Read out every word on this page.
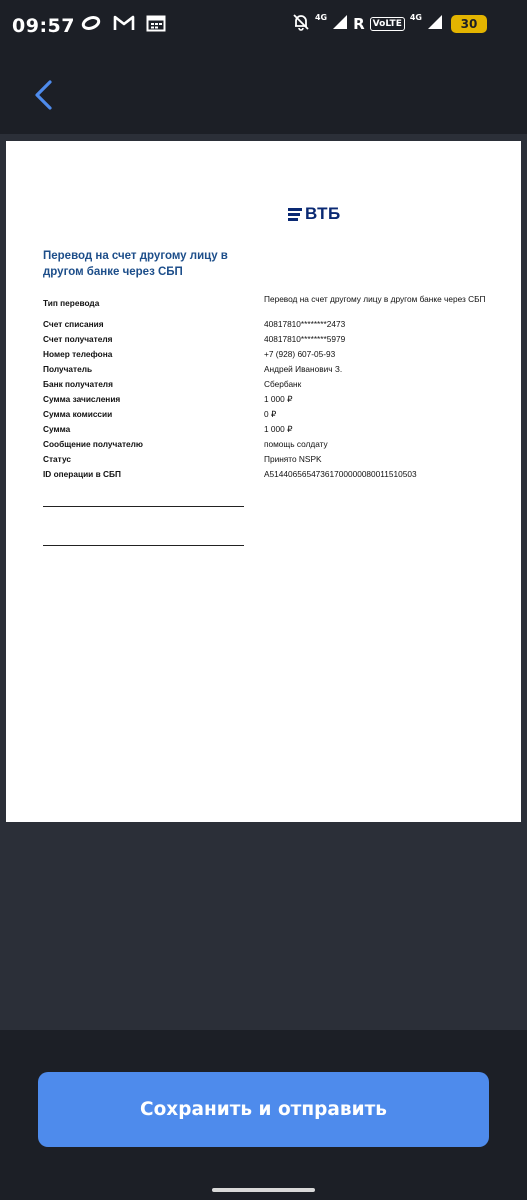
09:57	4G R VoLTE
4G	30
ВТБ
Перевод на счет другому лицу в другом банке через СБП
Тип перевода	Перевод на счет другому лицу в другом банке через СБП
Счет списания	40817810********2473
Счет получателя	40817810********5979
Номер телефона	+7 (928) 607-05-93
Получатель	Андрей Иванович З.
Банк получателя	Сбербанк
Сумма зачисления	1 000 ₽
Сумма комиссии	0 ₽
Сумма	1 000 ₽
Сообщение получателю	помощь солдату
Статус	Принято NSPK
ID операции в СБП	A51440656547361700000080011510503
Сохранить и отправить
